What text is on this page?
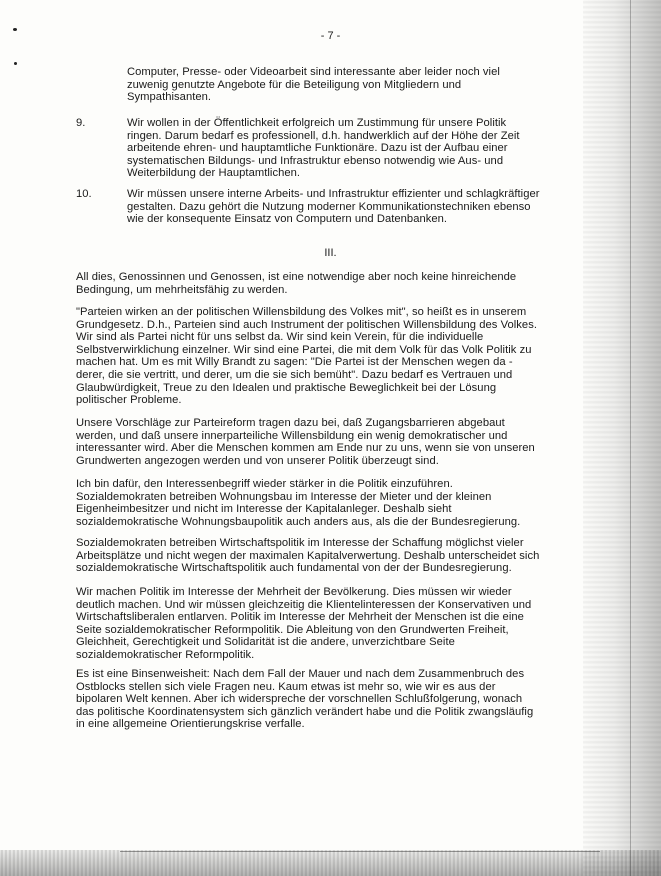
- 7 -

Computer, Presse- oder Videoarbeit sind interessante aber leider noch viel zuwenig genutzte Angebote für die Beteiligung von Mitgliedern und Sympathisanten.

9.	Wir wollen in der Öffentlichkeit erfolgreich um Zustimmung für unsere Politik ringen. Darum bedarf es professionell, d.h. handwerklich auf der Höhe der Zeit arbeitende ehren- und hauptamtliche Funktionäre. Dazu ist der Aufbau einer systematischen Bildungs- und Infrastruktur ebenso notwendig wie Aus- und Weiterbildung der Hauptamtlichen.

10.	Wir müssen unsere interne Arbeits- und Infrastruktur effizienter und schlagkräftiger gestalten. Dazu gehört die Nutzung moderner Kommunikationstechniken ebenso wie der konsequente Einsatz von Computern und Datenbanken.

III.

All dies, Genossinnen und Genossen, ist eine notwendige aber noch keine hinreichende Bedingung, um mehrheitsfähig zu werden.

"Parteien wirken an der politischen Willensbildung des Volkes mit", so heißt es in unserem Grundgesetz. D.h., Parteien sind auch Instrument der politischen Willensbildung des Volkes. Wir sind als Partei nicht für uns selbst da. Wir sind kein Verein, für die individuelle Selbstverwirklichung einzelner. Wir sind eine Partei, die mit dem Volk für das Volk Politik zu machen hat. Um es mit Willy Brandt zu sagen: "Die Partei ist der Menschen wegen da - derer, die sie vertritt, und derer, um die sie sich bemüht". Dazu bedarf es Vertrauen und Glaubwürdigkeit, Treue zu den Idealen und praktische Beweglichkeit bei der Lösung politischer Probleme.

Unsere Vorschläge zur Parteireform tragen dazu bei, daß Zugangsbarrieren abgebaut werden, und daß unsere innerparteiliche Willensbildung ein wenig demokratischer und interessanter wird. Aber die Menschen kommen am Ende nur zu uns, wenn sie von unseren Grundwerten angezogen werden und von unserer Politik überzeugt sind.

Ich bin dafür, den Interessenbegriff wieder stärker in die Politik einzuführen. Sozialdemokraten betreiben Wohnungsbau im Interesse der Mieter und der kleinen Eigenheimbesitzer und nicht im Interesse der Kapitalanleger. Deshalb sieht sozialdemokratische Wohnungsbaupolitik auch anders aus, als die der Bundesregierung.

Sozialdemokraten betreiben Wirtschaftspolitik im Interesse der Schaffung möglichst vieler Arbeitsplätze und nicht wegen der maximalen Kapitalverwertung. Deshalb unterscheidet sich sozialdemokratische Wirtschaftspolitik auch fundamental von der der Bundesregierung.

Wir machen Politik im Interesse der Mehrheit der Bevölkerung. Dies müssen wir wieder deutlich machen. Und wir müssen gleichzeitig die Klientelinteressen der Konservativen und Wirtschaftsliberalen entlarven. Politik im Interesse der Mehrheit der Menschen ist die eine Seite sozialdemokratischer Reformpolitik. Die Ableitung von den Grundwerten Freiheit, Gleichheit, Gerechtigkeit und Solidarität ist die andere, unverzichtbare Seite sozialdemokratischer Reformpolitik.

Es ist eine Binsenweisheit: Nach dem Fall der Mauer und nach dem Zusammenbruch des Ostblocks stellen sich viele Fragen neu. Kaum etwas ist mehr so, wie wir es aus der bipolaren Welt kennen. Aber ich widerspreche der vorschnellen Schlußfolgerung, wonach das politische Koordinatensystem sich gänzlich verändert habe und die Politik zwangsläufig in eine allgemeine Orientierungskrise verfalle.
